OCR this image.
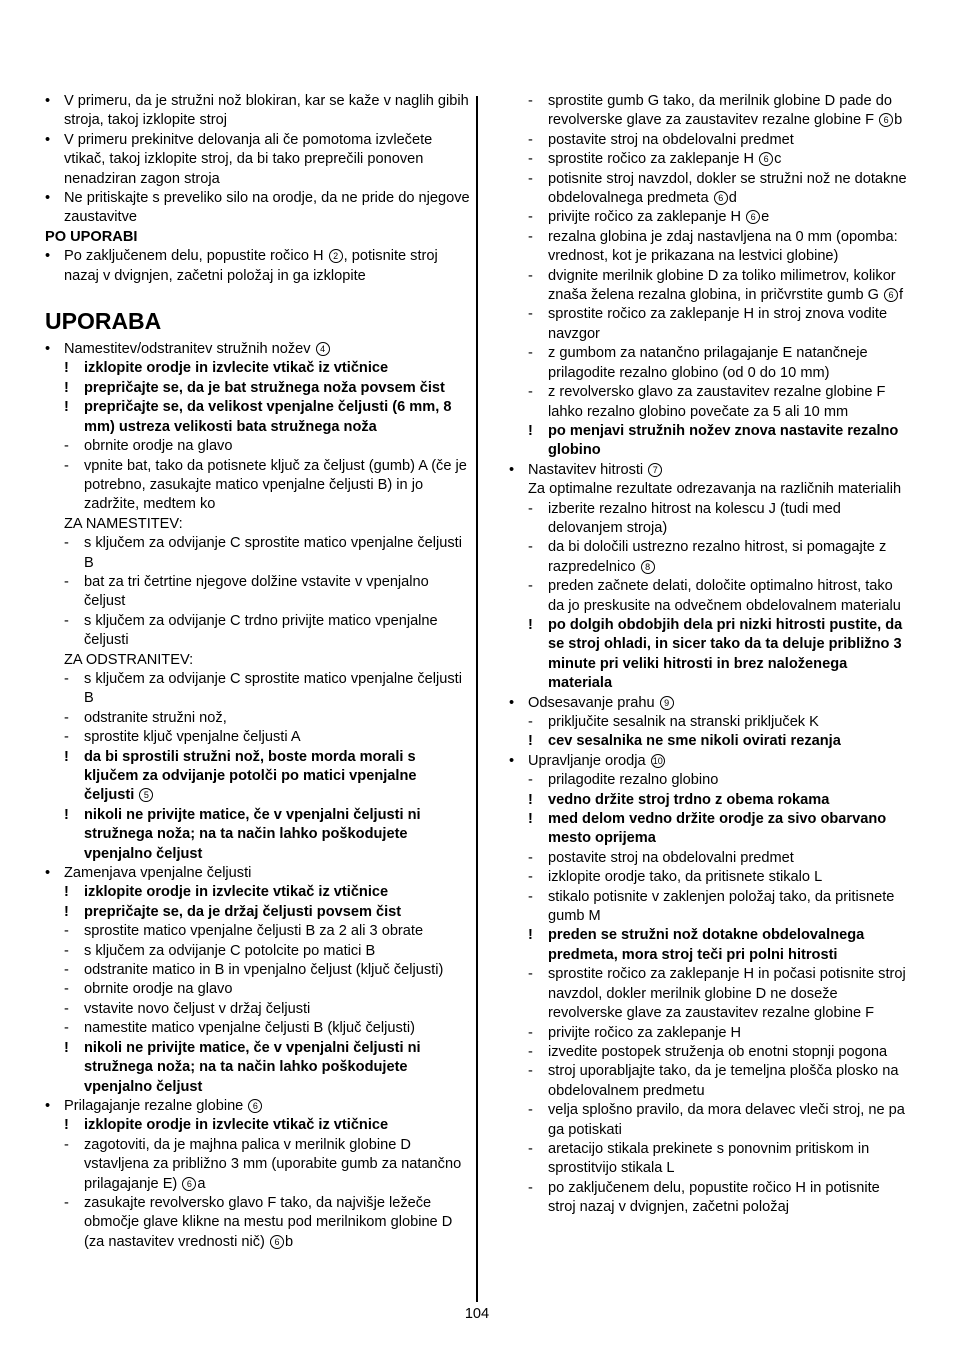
• V primeru, da je stružni nož blokiran, kar se kaže v naglih gibih stroja, takoj izklopite stroj
• V primeru prekinitve delovanja ali če pomotoma izvlečete vtikač, takoj izklopite stroj, da bi tako preprečili ponoven nenadziran zagon stroja
• Ne pritiskajte s preveliko silo na orodje, da ne pride do njegove zaustavitve
PO UPORABI
• Po zaključenem delu, popustite ročico H 2 , potisnite stroj nazaj v dvignjen, začetni položaj in ga izklopite
UPORABA
• Namestitev/odstranitev stružnih nožev 4
!	izklopite orodje in izvlecite vtikač iz vtičnice
!	prepričajte se, da je bat stružnega noža povsem čist
!	prepričajte se, da velikost vpenjalne čeljusti (6 mm, 8 mm) ustreza velikosti bata stružnega noža
-	obrnite orodje na glavo
-	vpnite bat, tako da potisnete ključ za čeljust (gumb) A (če je potrebno, zasukajte matico vpenjalne čeljusti B) in jo zadržite, medtem ko
ZA NAMESTITEV:
-	s ključem za odvijanje C sprostite matico vpenjalne čeljusti B
-	bat za tri četrtine njegove dolžine vstavite v vpenjalno čeljust
-	s ključem za odvijanje C trdno privijte matico vpenjalne čeljusti
ZA ODSTRANITEV:
-	s ključem za odvijanje C sprostite matico vpenjalne čeljusti B
-	odstranite stružni nož,
-	sprostite ključ vpenjalne čeljusti A
!	da bi sprostili stružni nož, boste morda morali s ključem za odvijanje potolči po matici vpenjalne čeljusti 5
!	nikoli ne privijte matice, če v vpenjalni čeljusti ni stružnega noža; na ta način lahko poškodujete vpenjalno čeljust
• Zamenjava vpenjalne čeljusti
!	izklopite orodje in izvlecite vtikač iz vtičnice
!	prepričajte se, da je držaj čeljusti povsem čist
-	sprostite matico vpenjalne čeljusti B za 2 ali 3 obrate
-	s ključem za odvijanje C potolcite po matici B
-	odstranite matico in B in vpenjalno čeljust (ključ čeljusti)
-	obrnite orodje na glavo
-	vstavite novo čeljust v držaj čeljusti
-	namestite matico vpenjalne čeljusti B (ključ čeljusti)
!	nikoli ne privijte matice, če v vpenjalni čeljusti ni stružnega noža; na ta način lahko poškodujete vpenjalno čeljust
• Prilagajanje rezalne globine 6
!	izklopite orodje in izvlecite vtikač iz vtičnice
-	zagotoviti, da je majhna palica v merilnik globine D vstavljena za približno 3 mm (uporabite gumb za natančno prilagajanje E) 6 a
-	zasukajte revolversko glavo F tako, da najvišje ležeče območje glave klikne na mestu pod merilnikom globine D (za nastavitev vrednosti nič) 6 b
-	sprostite gumb G tako, da merilnik globine D pade do revolverske glave za zaustavitev rezalne globine F 6 b
-	postavite stroj na obdelovalni predmet
-	sprostite ročico za zaklepanje H 6 c
-	potisnite stroj navzdol, dokler se stružni nož ne dotakne obdelovalnega predmeta 6 d
-	privijte ročico za zaklepanje H 6 e
-	rezalna globina je zdaj nastavljena na 0 mm (opomba: vrednost, kot je prikazana na lestvici globine)
-	dvignite merilnik globine D za toliko milimetrov, kolikor znaša želena rezalna globina, in pričvrstite gumb G 6 f
-	sprostite ročico za zaklepanje H in stroj znova vodite navzgor
-	z gumbom za natančno prilagajanje E natančneje prilagodite rezalno globino (od 0 do 10 mm)
-	z revolversko glavo za zaustavitev rezalne globine F lahko rezalno globino povečate za 5 ali 10 mm
!	po menjavi stružnih nožev znova nastavite rezalno globino
• Nastavitev hitrosti 7
Za optimalne rezultate odrezavanja na različnih materialih
-	izberite rezalno hitrost na kolescu J (tudi med delovanjem stroja)
-	da bi določili ustrezno rezalno hitrost, si pomagajte z razpredelnico 8
-	preden začnete delati, določite optimalno hitrost, tako da jo preskusite na odvečnem obdelovalnem materialu
!	po dolgih obdobjih dela pri nizki hitrosti pustite, da se stroj ohladi, in sicer tako da ta deluje približno 3 minute pri veliki hitrosti in brez naloženega materiala
• Odsesavanje prahu 9
-	priključite sesalnik na stranski priključek K
!	cev sesalnika ne sme nikoli ovirati rezanja
• Upravljanje orodja 10
-	prilagodite rezalno globino
!	vedno držite stroj trdno z obema rokama
!	med delom vedno držite orodje za sivo obarvano mesto oprijema
-	postavite stroj na obdelovalni predmet
-	izklopite orodje tako, da pritisnete stikalo L
-	stikalo potisnite v zaklenjen položaj tako, da pritisnete gumb M
!	preden se stružni nož dotakne obdelovalnega predmeta, mora stroj teči pri polni hitrosti
-	sprostite ročico za zaklepanje H in počasi potisnite stroj navzdol, dokler merilnik globine D ne doseže revolverske glave za zaustavitev rezalne globine F
-	privijte ročico za zaklepanje H
-	izvedite postopek struženja ob enotni stopnji pogona
-	stroj uporabljajte tako, da je temeljna plošča plosko na obdelovalnem predmetu
-	velja splošno pravilo, da mora delavec vleči stroj, ne pa ga potiskati
-	aretacijo stikala prekinete s ponovnim pritiskom in sprostitvijo stikala L
-	po zaključenem delu, popustite ročico H in potisnite stroj nazaj v dvignjen, začetni položaj
104
